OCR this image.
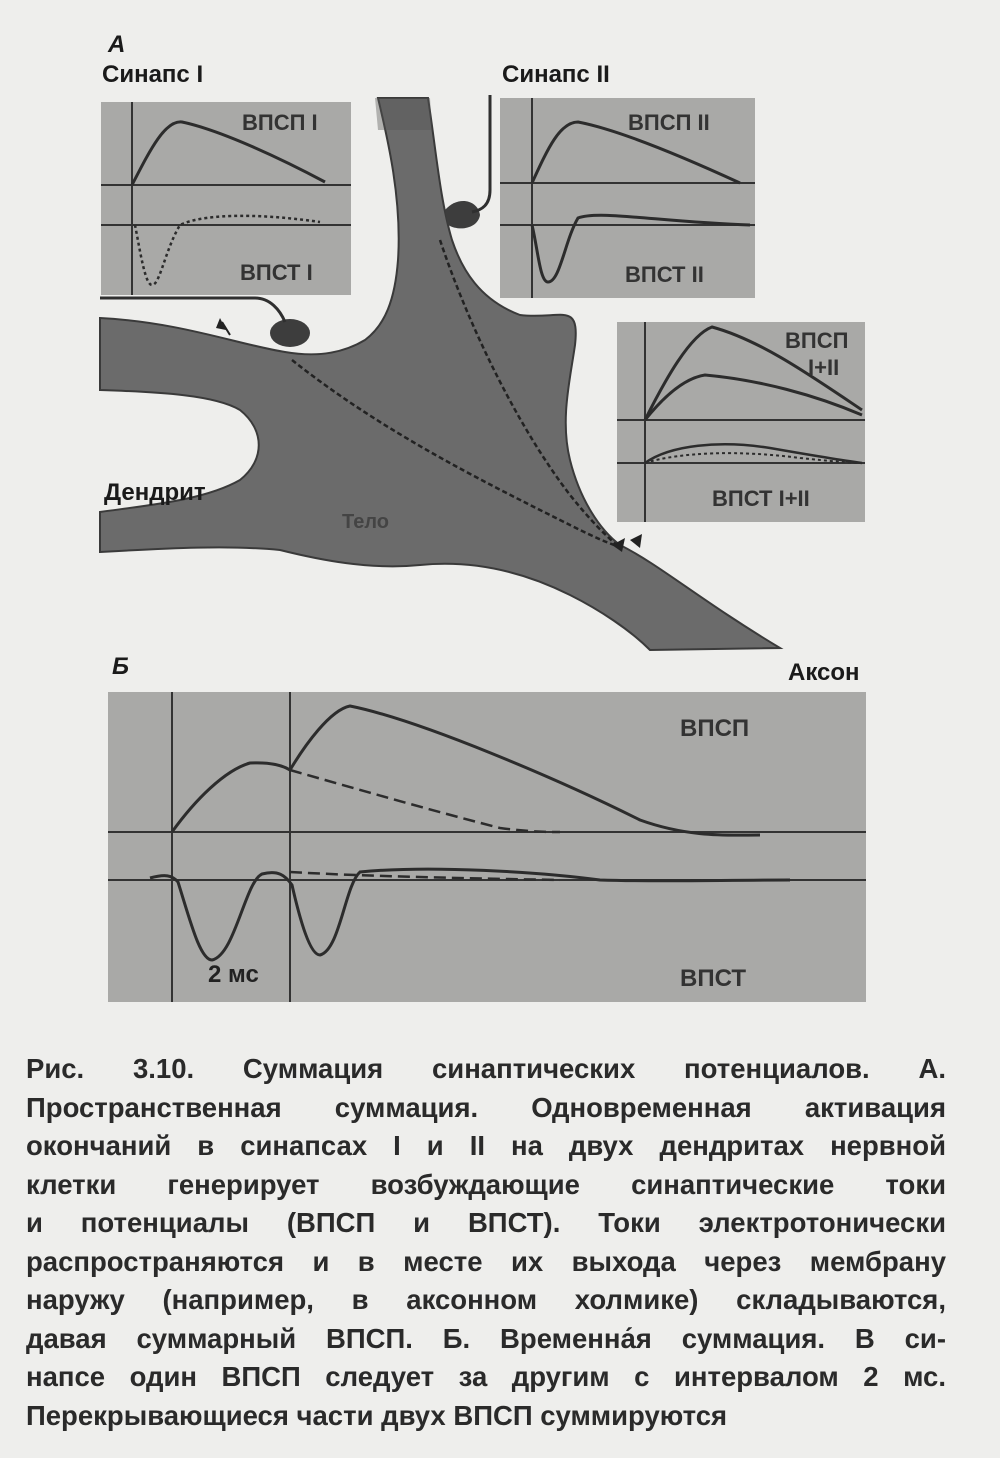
ВПСП I
ВПСТ I
ВПСП II
ВПСТ II
ВПСП
I+II
ВПСТ I+II
ВПСП
ВПСТ
2 мс
А
Синапс I	Синапс II
Дендрит
Тело
Аксон
Б
Рис. 3.10. Суммация синаптических потенциалов. А.
Пространственная суммация. Одновременная активация
окончаний в синапсах I и II на двух дендритах нервной
клетки генерирует возбуждающие синаптические токи
и потенциалы (ВПСП и ВПСТ). Токи электротонически
распространяются и в месте их выхода через мембрану
наружу (например, в аксонном холмике) складываются,
давая суммарный ВПСП. Б. Временна́я суммация. В си-
напсе один ВПСП следует за другим с интервалом 2 мс.
Перекрывающиеся части двух ВПСП суммируются
